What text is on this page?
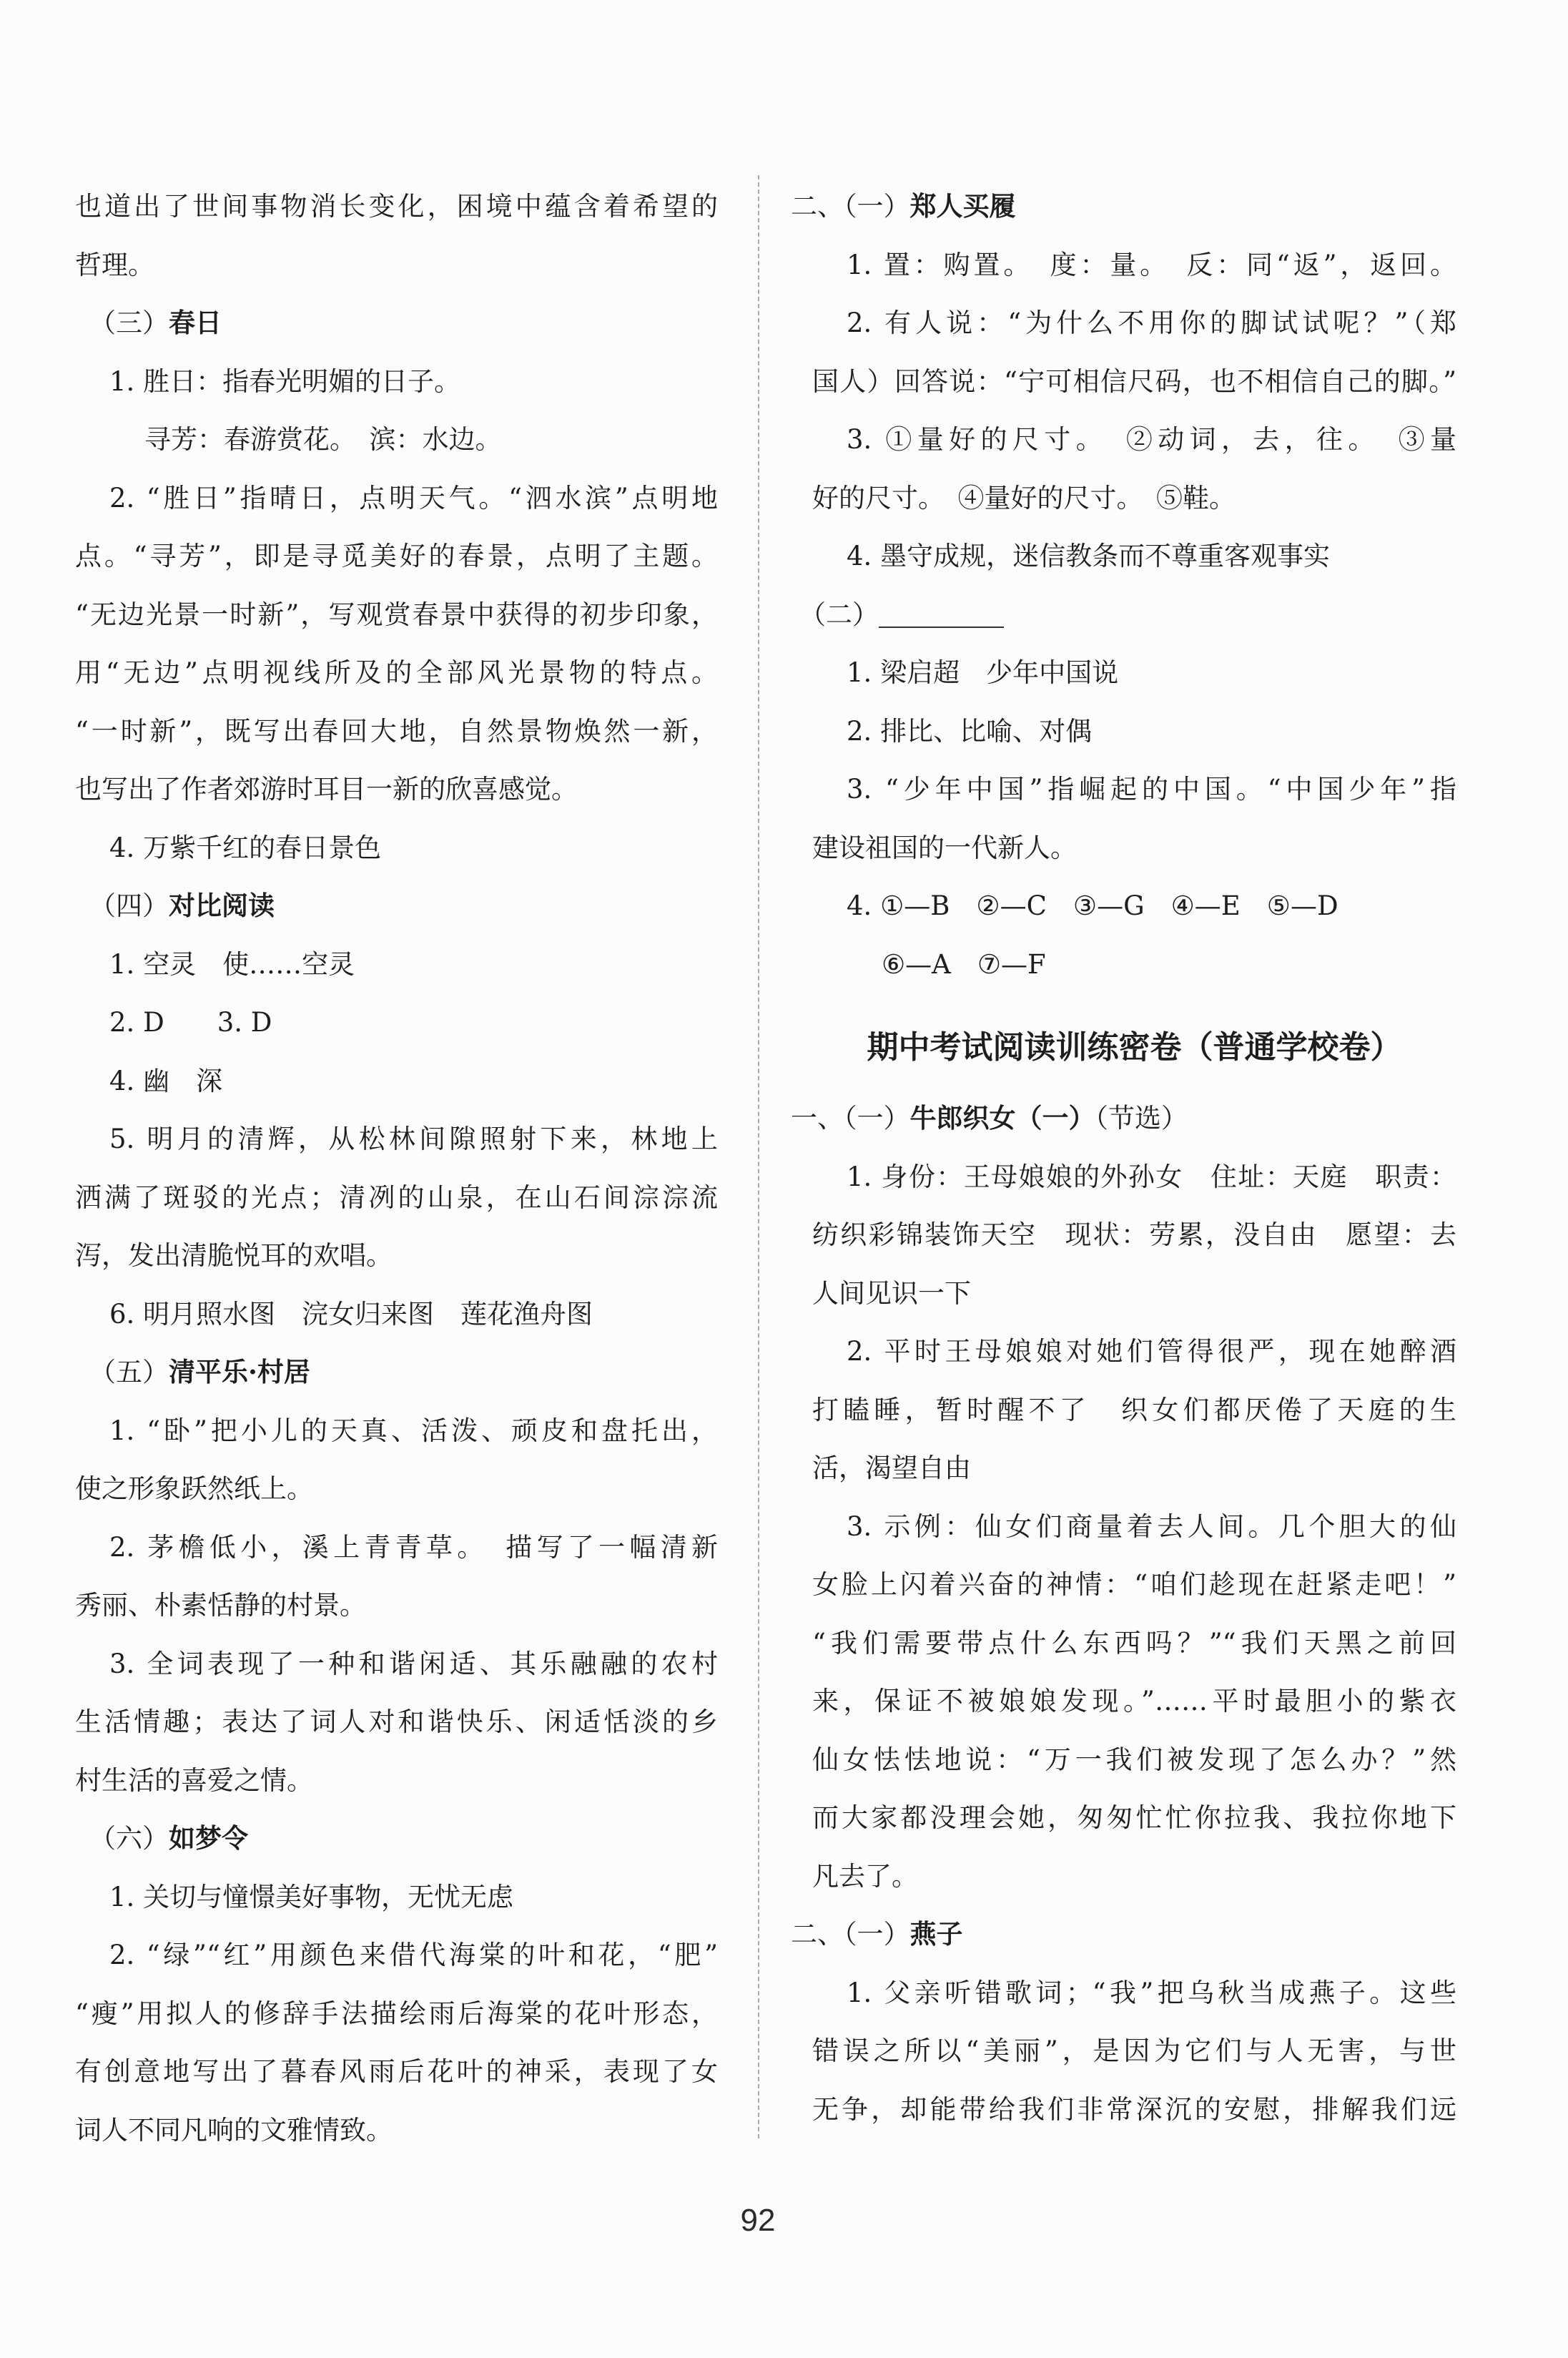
也道出了世间事物消长变化，困境中蕴含着希望的
哲理。
（三）春日
1. 胜日：指春光明媚的日子。
寻芳：春游赏花。　滨：水边。
2. “胜日”指晴日，点明天气。“泗水滨”点明地
点。“寻芳”，即是寻觅美好的春景，点明了主题。
“无边光景一时新”，写观赏春景中获得的初步印象，
用“无边”点明视线所及的全部风光景物的特点。
“一时新”，既写出春回大地，自然景物焕然一新，
也写出了作者郊游时耳目一新的欣喜感觉。
4. 万紫千红的春日景色
（四）对比阅读
1. 空灵　使……空灵
2. D　　3. D
4. 幽　深
5. 明月的清辉，从松林间隙照射下来，林地上
洒满了斑驳的光点；清冽的山泉，在山石间淙淙流
泻，发出清脆悦耳的欢唱。
6. 明月照水图　浣女归来图　莲花渔舟图
（五）清平乐·村居
1. “卧”把小儿的天真、活泼、顽皮和盘托出，
使之形象跃然纸上。
2. 茅檐低小，溪上青青草。　描写了一幅清新
秀丽、朴素恬静的村景。
3. 全词表现了一种和谐闲适、其乐融融的农村
生活情趣；表达了词人对和谐快乐、闲适恬淡的乡
村生活的喜爱之情。
（六）如梦令
1. 关切与憧憬美好事物，无忧无虑
2. “绿”“红”用颜色来借代海棠的叶和花，“肥”
“瘦”用拟人的修辞手法描绘雨后海棠的花叶形态，
有创意地写出了暮春风雨后花叶的神采，表现了女
词人不同凡响的文雅情致。
二、（一）郑人买履
1. 置：购置。　度：量。　反：同“返”，返回。
2. 有人说：“为什么不用你的脚试试呢？”（郑
国人）回答说：“宁可相信尺码，也不相信自己的脚。”
3. ①量好的尺寸。　②动词，去，往。　③量
好的尺寸。　④量好的尺寸。　⑤鞋。
4. 墨守成规，迷信教条而不尊重客观事实
（二）
1. 梁启超　少年中国说
2. 排比、比喻、对偶
3. “少年中国”指崛起的中国。“中国少年”指
建设祖国的一代新人。
4. ①—B　②—C　③—G　④—E　⑤—D
⑥—A　⑦—F
期中考试阅读训练密卷（普通学校卷）
一、（一）牛郎织女（一）（节选）
1. 身份：王母娘娘的外孙女　住址：天庭　职责：
纺织彩锦装饰天空　现状：劳累，没自由　愿望：去
人间见识一下
2. 平时王母娘娘对她们管得很严，现在她醉酒
打瞌睡，暂时醒不了　织女们都厌倦了天庭的生
活，渴望自由
3. 示例：仙女们商量着去人间。几个胆大的仙
女脸上闪着兴奋的神情：“咱们趁现在赶紧走吧！”
“我们需要带点什么东西吗？”“我们天黑之前回
来，保证不被娘娘发现。”……平时最胆小的紫衣
仙女怯怯地说：“万一我们被发现了怎么办？”然
而大家都没理会她，匆匆忙忙你拉我、我拉你地下
凡去了。
二、（一）燕子
1. 父亲听错歌词；“我”把乌秋当成燕子。这些
错误之所以“美丽”，是因为它们与人无害，与世
无争，却能带给我们非常深沉的安慰，排解我们远
92
